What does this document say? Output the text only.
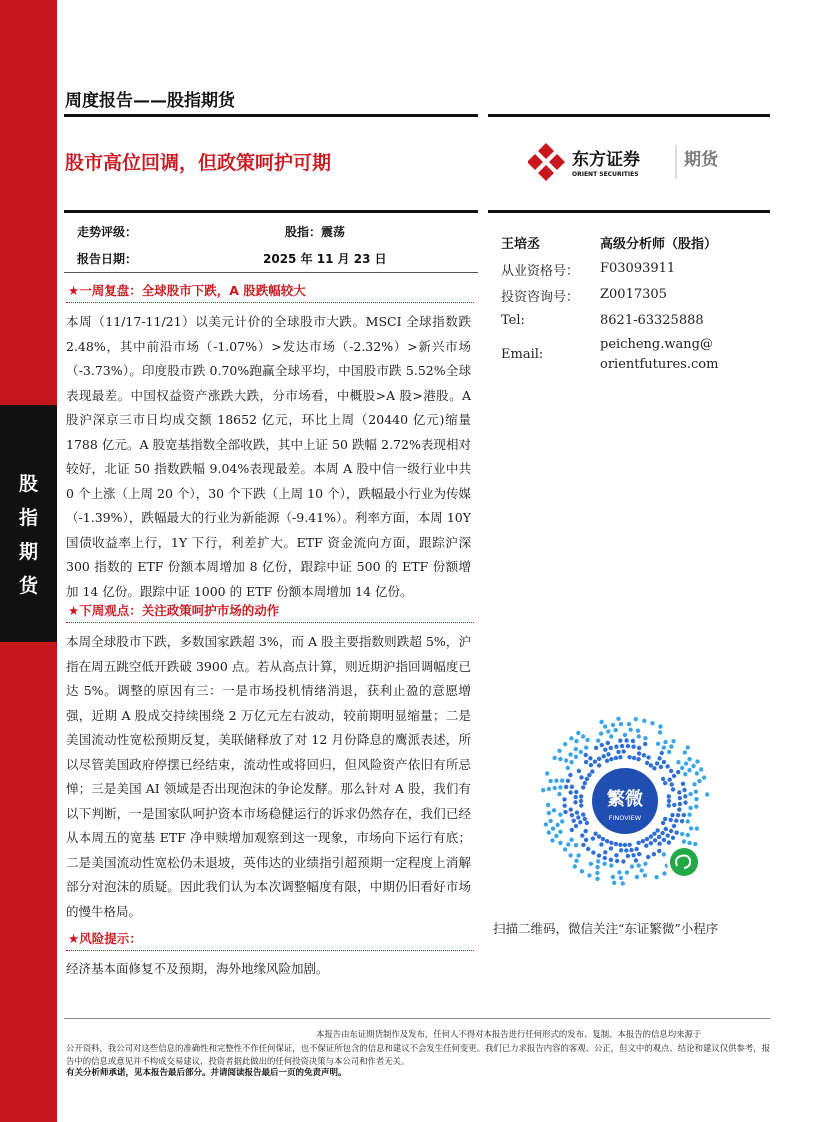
股
指
期
货
周度报告——股指期货
股市高位回调，但政策呵护可期	东方证券
ORIENT SECURITIES
期货
走势评级：	股指：震荡
报告日期：	2025 年 11 月 23 日
★一周复盘：全球股市下跌，A 股跌幅较大
本周（11/17-11/21）以美元计价的全球股市大跌。MSCI 全球指数跌 2.48%，其中前沿市场（-1.07%）>发达市场（-2.32%）>新兴市场（-3.73%）。印度股市跌 0.70%跑赢全球平均，中国股市跌 5.52%全球表现最差。中国权益资产涨跌大跌，分市场看，中概股>A 股>港股。A 股沪深京三市日均成交额 18652 亿元，环比上周（20440 亿元)缩量 1788 亿元。A 股宽基指数全部收跌，其中上证 50 跌幅 2.72%表现相对较好，北证 50 指数跌幅 9.04%表现最差。本周 A 股中信一级行业中共 0 个上涨（上周 20 个），30 个下跌（上周 10 个），跌幅最小行业为传媒（-1.39%），跌幅最大的行业为新能源（-9.41%）。利率方面，本周 10Y 国债收益率上行，1Y 下行，利差扩大。ETF 资金流向方面，跟踪沪深 300 指数的 ETF 份额本周增加 8 亿份，跟踪中证 500 的 ETF 份额增加 14 亿份。跟踪中证 1000 的 ETF 份额本周增加 14 亿份。
★下周观点：关注政策呵护市场的动作
本周全球股市下跌，多数国家跌超 3%，而 A 股主要指数则跌超 5%，沪指在周五跳空低开跌破 3900 点。若从高点计算，则近期沪指回调幅度已达 5%。调整的原因有三：一是市场投机情绪消退，获利止盈的意愿增强，近期 A 股成交持续围绕 2 万亿元左右波动，较前期明显缩量；二是美国流动性宽松预期反复，美联储释放了对 12 月份降息的鹰派表述，所以尽管美国政府停摆已经结束，流动性或将回归，但风险资产依旧有所忌惮；三是美国 AI 领域是否出现泡沫的争论发酵。那么针对 A 股，我们有以下判断，一是国家队呵护资本市场稳健运行的诉求仍然存在，我们已经从本周五的宽基 ETF 净申赎增加观察到这一现象，市场向下运行有底；二是美国流动性宽松仍未退坡，英伟达的业绩指引超预期一定程度上消解部分对泡沫的质疑。因此我们认为本次调整幅度有限，中期仍旧看好市场的慢牛格局。
★风险提示：
经济基本面修复不及预期，海外地缘风险加剧。
王培丞	高级分析师（股指）
从业资格号： F03093911
投资咨询号： Z0017305
Tel:	8621-63325888
Email:
peicheng.wang@
orientfutures.com
繁微
FINOVIEW
扫描二维码，微信关注“东证繁微”小程序
本报告由东证期货制作及发布，任何人不得对本报告进行任何形式的发布、复制。本报告的信息均来源于
公开资料，我公司对这些信息的准确性和完整性不作任何保证，也不保证所包含的信息和建议不会发生任何变更。我们已力求报告内容的客观、公正，但文中的观点、结论和建议仅供参考，报告中的信息或意见并不构成交易建议，投资者据此做出的任何投资决策与本公司和作者无关。
有关分析师承诺，见本报告最后部分。并请阅读报告最后一页的免责声明。
